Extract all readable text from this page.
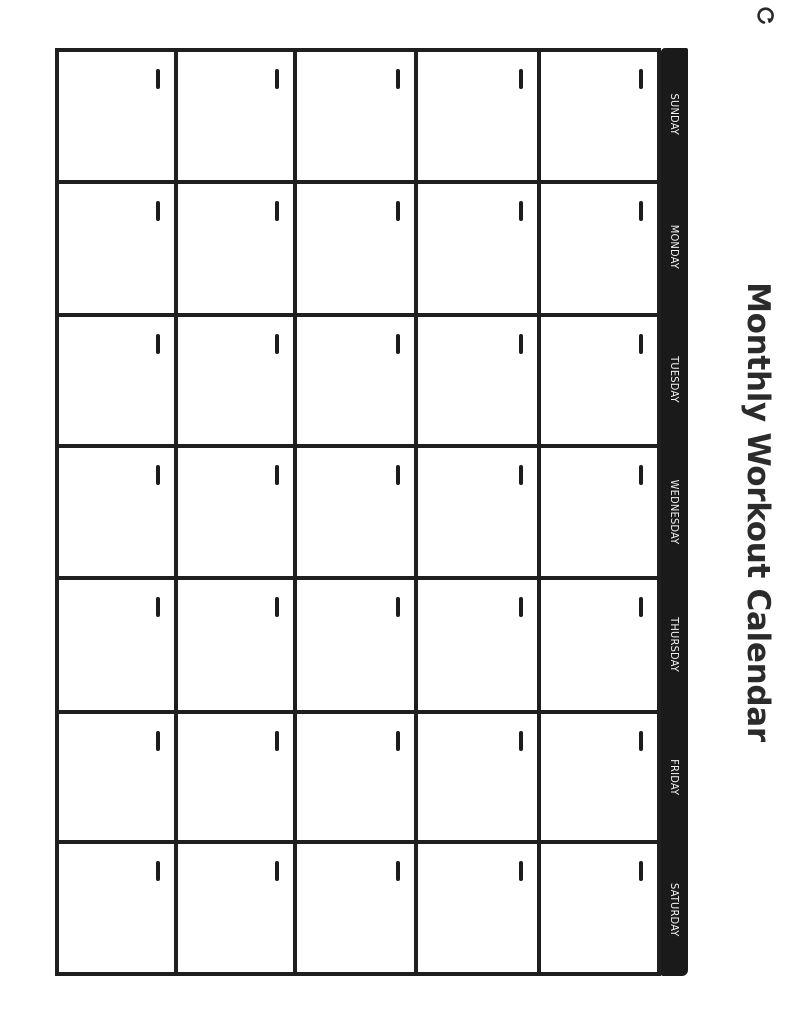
Monthly Workout Calendar
SUNDAY
MONDAY
TUESDAY
WEDNESDAY
THURSDAY
FRIDAY
SATURDAY
